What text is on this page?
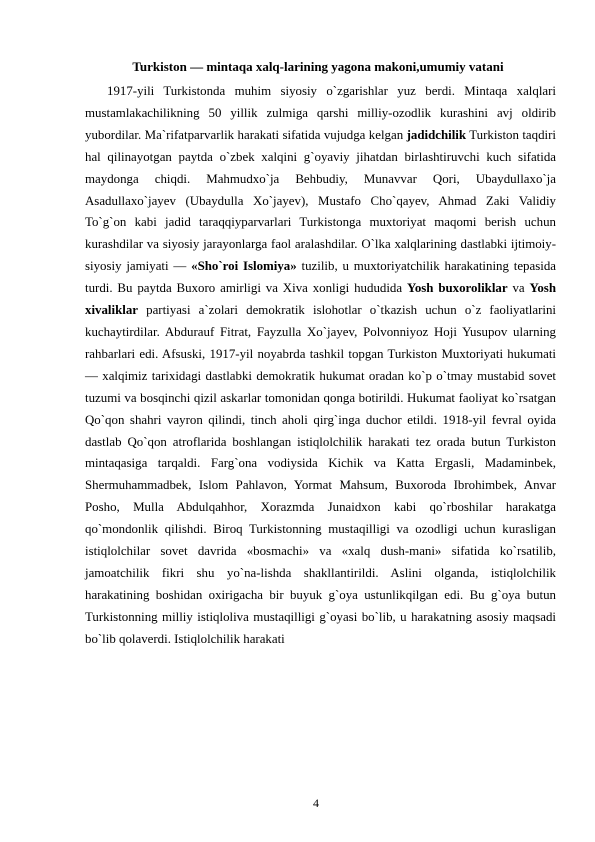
Turkiston — mintaqa xalq-larining yagona makoni,umumiy vatani

1917-yili Turkistonda muhim siyosiy o`zgarishlar yuz berdi. Mintaqa xalqlari mustamlakachilikning 50 yillik zulmiga qarshi milliy-ozodlik kurashini avj oldirib yubordilar. Ma`rifatparvarlik harakati sifatida vujudga kelgan jadidchilik Turkiston taqdiri hal qilinayotgan paytda o`zbek xalqini g`oyaviy jihatdan birlashtiruvchi kuch sifatida maydonga chiqdi. Mahmudxo`ja Behbudiy, Munavvar Qori, Ubaydullaxo`ja Asadullaxo`jayev (Ubaydulla Xo`jayev), Mustafo Cho`qayev, Ahmad Zaki Validiy To`g`on kabi jadid taraqqiyparvarlari Turkistonga muxtoriyat maqomi berish uchun kurashdilar va siyosiy jarayonlarga faol aralashdilar. O`lka xalqlarining dastlabki ijtimoiy-siyosiy jamiyati — «Sho`roi Islomiya» tuzilib, u muxtoriyatchilik harakatining tepasida turdi. Bu paytda Buxoro amirligi va Xiva xonligi hududida Yosh buxoroliklar va Yosh xivaliklar partiyasi a`zolari demokratik islohotlar o`tkazish uchun o`z faoliyatlarini kuchaytirdilar. Abdurauf Fitrat, Fayzulla Xo`jayev, Polvonniyoz Hoji Yusupov ularning rahbarlari edi. Afsuski, 1917-yil noyabrda tashkil topgan Turkiston Muxtoriyati hukumati — xalqimiz tarixidagi dastlabki demokratik hukumat oradan ko`p o`tmay mustabid sovet tuzumi va bosqinchi qizil askarlar tomonidan qonga botirildi. Hukumat faoliyat ko`rsatgan Qo`qon shahri vayron qilindi, tinch aholi qirg`inga duchor etildi. 1918-yil fevral oyida dastlab Qo`qon atroflarida boshlangan istiqlolchilik harakati tez orada butun Turkiston mintaqasiga tarqaldi. Farg`ona vodiysida Kichik va Katta Ergasli, Madaminbek, Shermuhammadbek, Islom Pahlavon, Yormat Mahsum, Buxoroda Ibrohimbek, Anvar Posho, Mulla Abdulqahhor, Xorazmda Junaidxon kabi qo`rboshilar harakatga qo`mondonlik qilishdi. Biroq Turkistonning mustaqilligi va ozodligi uchun kurasligan istiqlolchilar sovet davrida «bosmachi» va «xalq dush-mani» sifatida ko`rsatilib, jamoatchilik fikri shu yo`na-lishda shakllantirildi. Aslini olganda, istiqlolchilik harakatining boshidan oxirigacha bir buyuk g`oya ustunlikqilgan edi. Bu g`oya butun Turkistonning milliy istiqloliva mustaqilligi g`oyasi bo`lib, u harakatning asosiy maqsadi bo`lib qolaverdi. Istiqlolchilik harakati

4
